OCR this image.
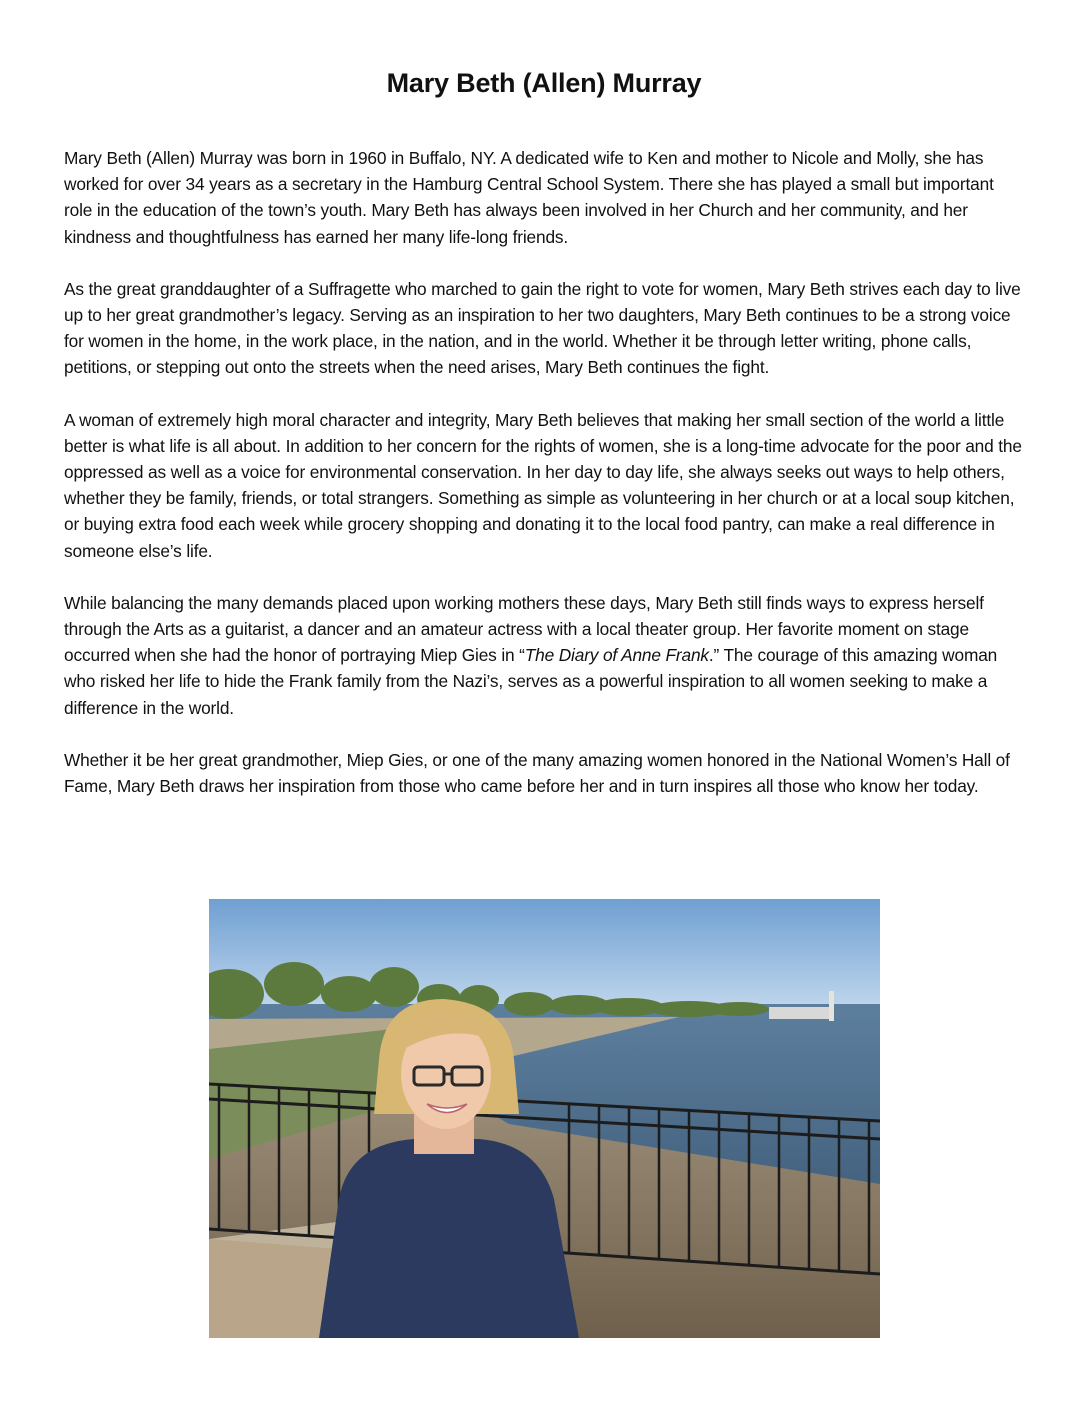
Mary Beth (Allen) Murray

Mary Beth (Allen) Murray was born in 1960 in Buffalo, NY. A dedicated wife to Ken and mother to Nicole and Molly, she has worked for over 34 years as a secretary in the Hamburg Central School System. There she has played a small but important role in the education of the town’s youth. Mary Beth has always been involved in her Church and her community, and her kindness and thoughtfulness has earned her many life-long friends.

As the great granddaughter of a Suffragette who marched to gain the right to vote for women, Mary Beth strives each day to live up to her great grandmother’s legacy. Serving as an inspiration to her two daughters, Mary Beth continues to be a strong voice for women in the home, in the work place, in the nation, and in the world. Whether it be through letter writing, phone calls, petitions, or stepping out onto the streets when the need arises, Mary Beth continues the fight.

A woman of extremely high moral character and integrity, Mary Beth believes that making her small section of the world a little better is what life is all about. In addition to her concern for the rights of women, she is a long-time advocate for the poor and the oppressed as well as a voice for environmental conservation. In her day to day life, she always seeks out ways to help others, whether they be family, friends, or total strangers. Something as simple as volunteering in her church or at a local soup kitchen, or buying extra food each week while grocery shopping and donating it to the local food pantry, can make a real difference in someone else’s life.

While balancing the many demands placed upon working mothers these days, Mary Beth still finds ways to express herself through the Arts as a guitarist, a dancer and an amateur actress with a local theater group. Her favorite moment on stage occurred when she had the honor of portraying Miep Gies in “The Diary of Anne Frank.” The courage of this amazing woman who risked her life to hide the Frank family from the Nazi’s, serves as a powerful inspiration to all women seeking to make a difference in the world.

Whether it be her great grandmother, Miep Gies, or one of the many amazing women honored in the National Women’s Hall of Fame, Mary Beth draws her inspiration from those who came before her and in turn inspires all those who know her today.
